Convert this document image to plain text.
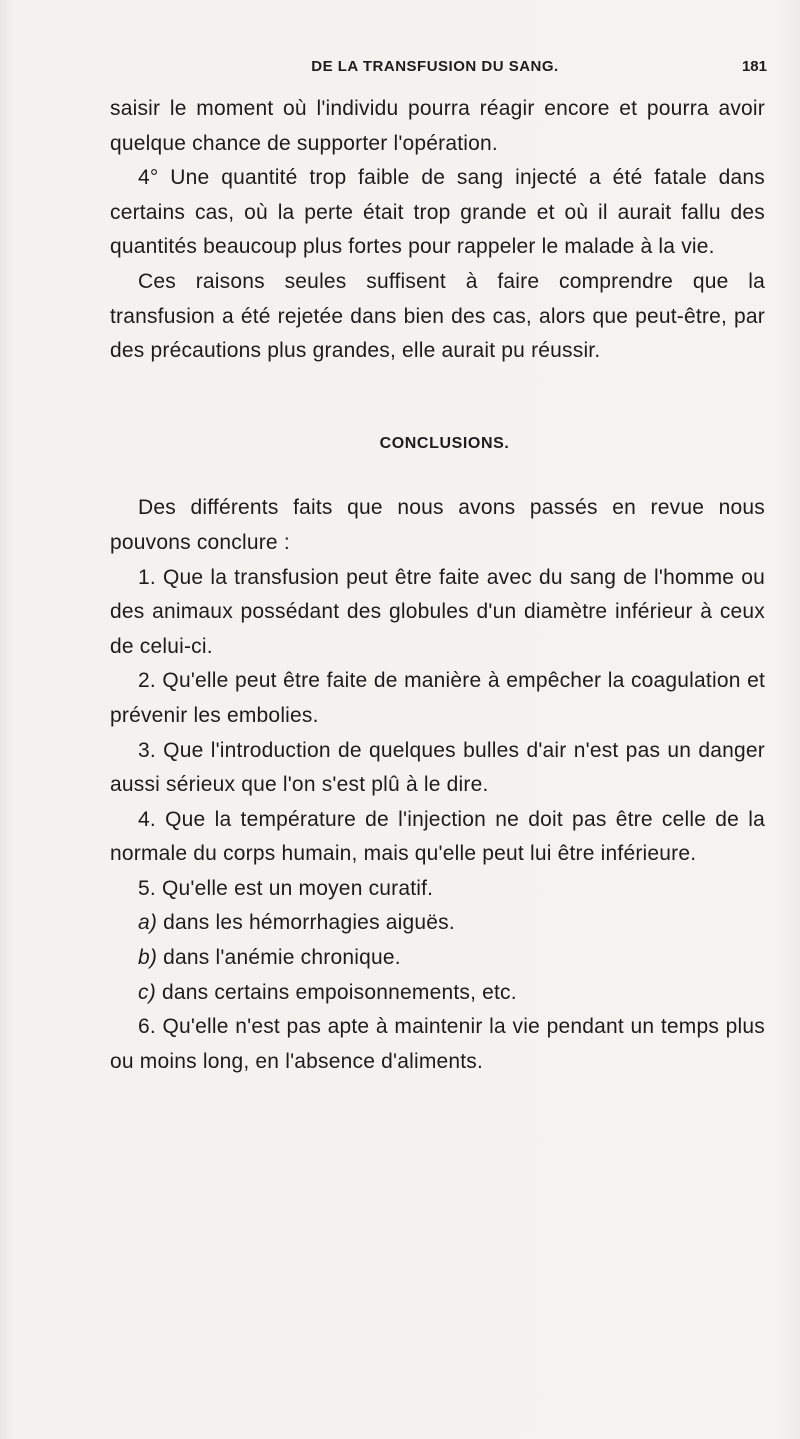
DE LA TRANSFUSION DU SANG.	181

saisir le moment où l'individu pourra réagir encore et pourra avoir quelque chance de supporter l'opération.

4° Une quantité trop faible de sang injecté a été fatale dans certains cas, où la perte était trop grande et où il aurait fallu des quantités beaucoup plus fortes pour rappeler le malade à la vie.

Ces raisons seules suffisent à faire comprendre que la transfusion a été rejetée dans bien des cas, alors que peut-être, par des précautions plus grandes, elle aurait pu réussir.

CONCLUSIONS.

Des différents faits que nous avons passés en revue nous pouvons conclure :

1. Que la transfusion peut être faite avec du sang de l'homme ou des animaux possédant des globules d'un diamètre inférieur à ceux de celui-ci.

2. Qu'elle peut être faite de manière à empêcher la coagulation et prévenir les embolies.

3. Que l'introduction de quelques bulles d'air n'est pas un danger aussi sérieux que l'on s'est plû à le dire.

4. Que la température de l'injection ne doit pas être celle de la normale du corps humain, mais qu'elle peut lui être inférieure.

5. Qu'elle est un moyen curatif.

a) dans les hémorrhagies aiguës.

b) dans l'anémie chronique.

c) dans certains empoisonnements, etc.

6. Qu'elle n'est pas apte à maintenir la vie pendant un temps plus ou moins long, en l'absence d'aliments.
